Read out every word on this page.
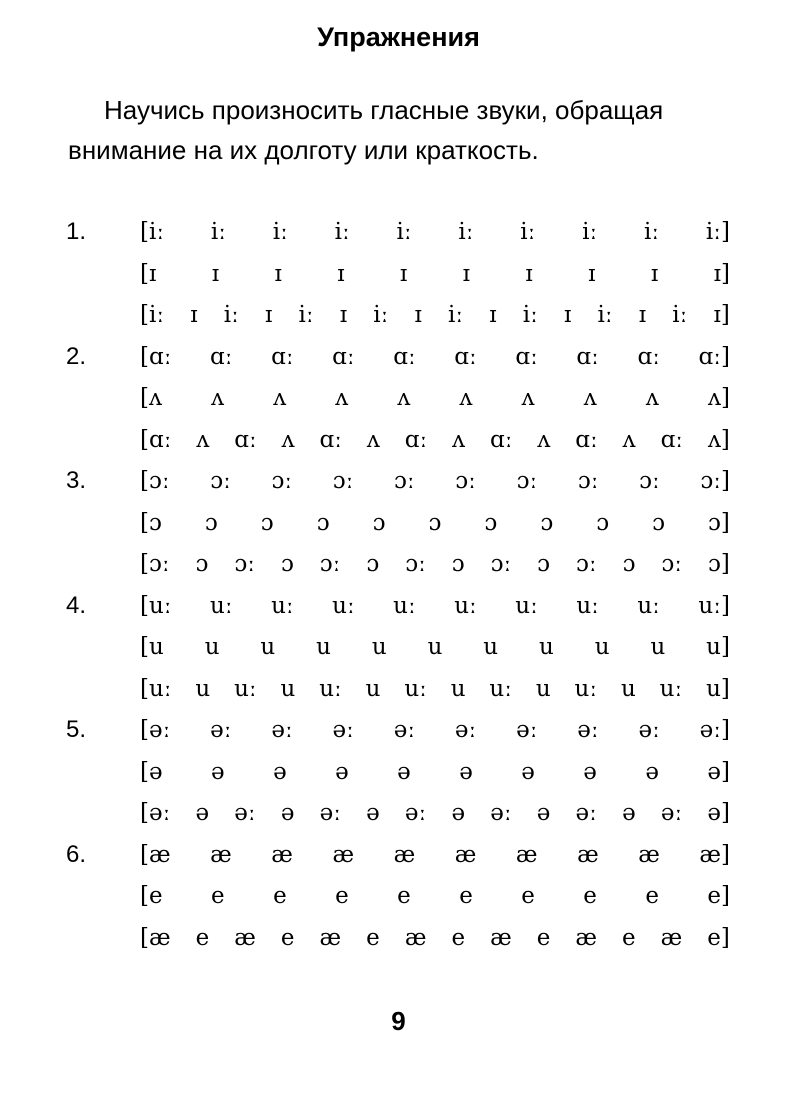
Упражнения
Научись произносить гласные звуки, обращая внимание на их долготу или краткость.
1.	[iː iː iː iː iː iː iː iː iː iː]
[ɪ ɪ ɪ ɪ ɪ ɪ ɪ ɪ ɪ ɪ]
[iː ɪ iː ɪ iː ɪ iː ɪ iː ɪ iː ɪ iː ɪ iː ɪ]
2.	[ɑː ɑː ɑː ɑː ɑː ɑː ɑː ɑː ɑː ɑː]
[ʌ ʌ ʌ ʌ ʌ ʌ ʌ ʌ ʌ ʌ]
[ɑː ʌ ɑː ʌ ɑː ʌ ɑː ʌ ɑː ʌ ɑː ʌ ɑː ʌ]
3.	[ɔː ɔː ɔː ɔː ɔː ɔː ɔː ɔː ɔː ɔː]
[ɔ ɔ ɔ ɔ ɔ ɔ ɔ ɔ ɔ ɔ ɔ]
[ɔː ɔ ɔː ɔ ɔː ɔ ɔː ɔ ɔː ɔ ɔː ɔ ɔː ɔ]
4.	[uː uː uː uː uː uː uː uː uː uː]
[u u u u u u u u u u u]
[uː u uː u uː u uː u uː u uː u uː u]
5.	[əː əː əː əː əː əː əː əː əː əː]
[ə ə ə ə ə ə ə ə ə ə]
[əː ə əː ə əː ə əː ə əː ə əː ə əː ə]
6.	[æ æ æ æ æ æ æ æ æ æ]
[e e e e e e e e e e]
[æ e æ e æ e æ e æ e æ e æ e]
9
